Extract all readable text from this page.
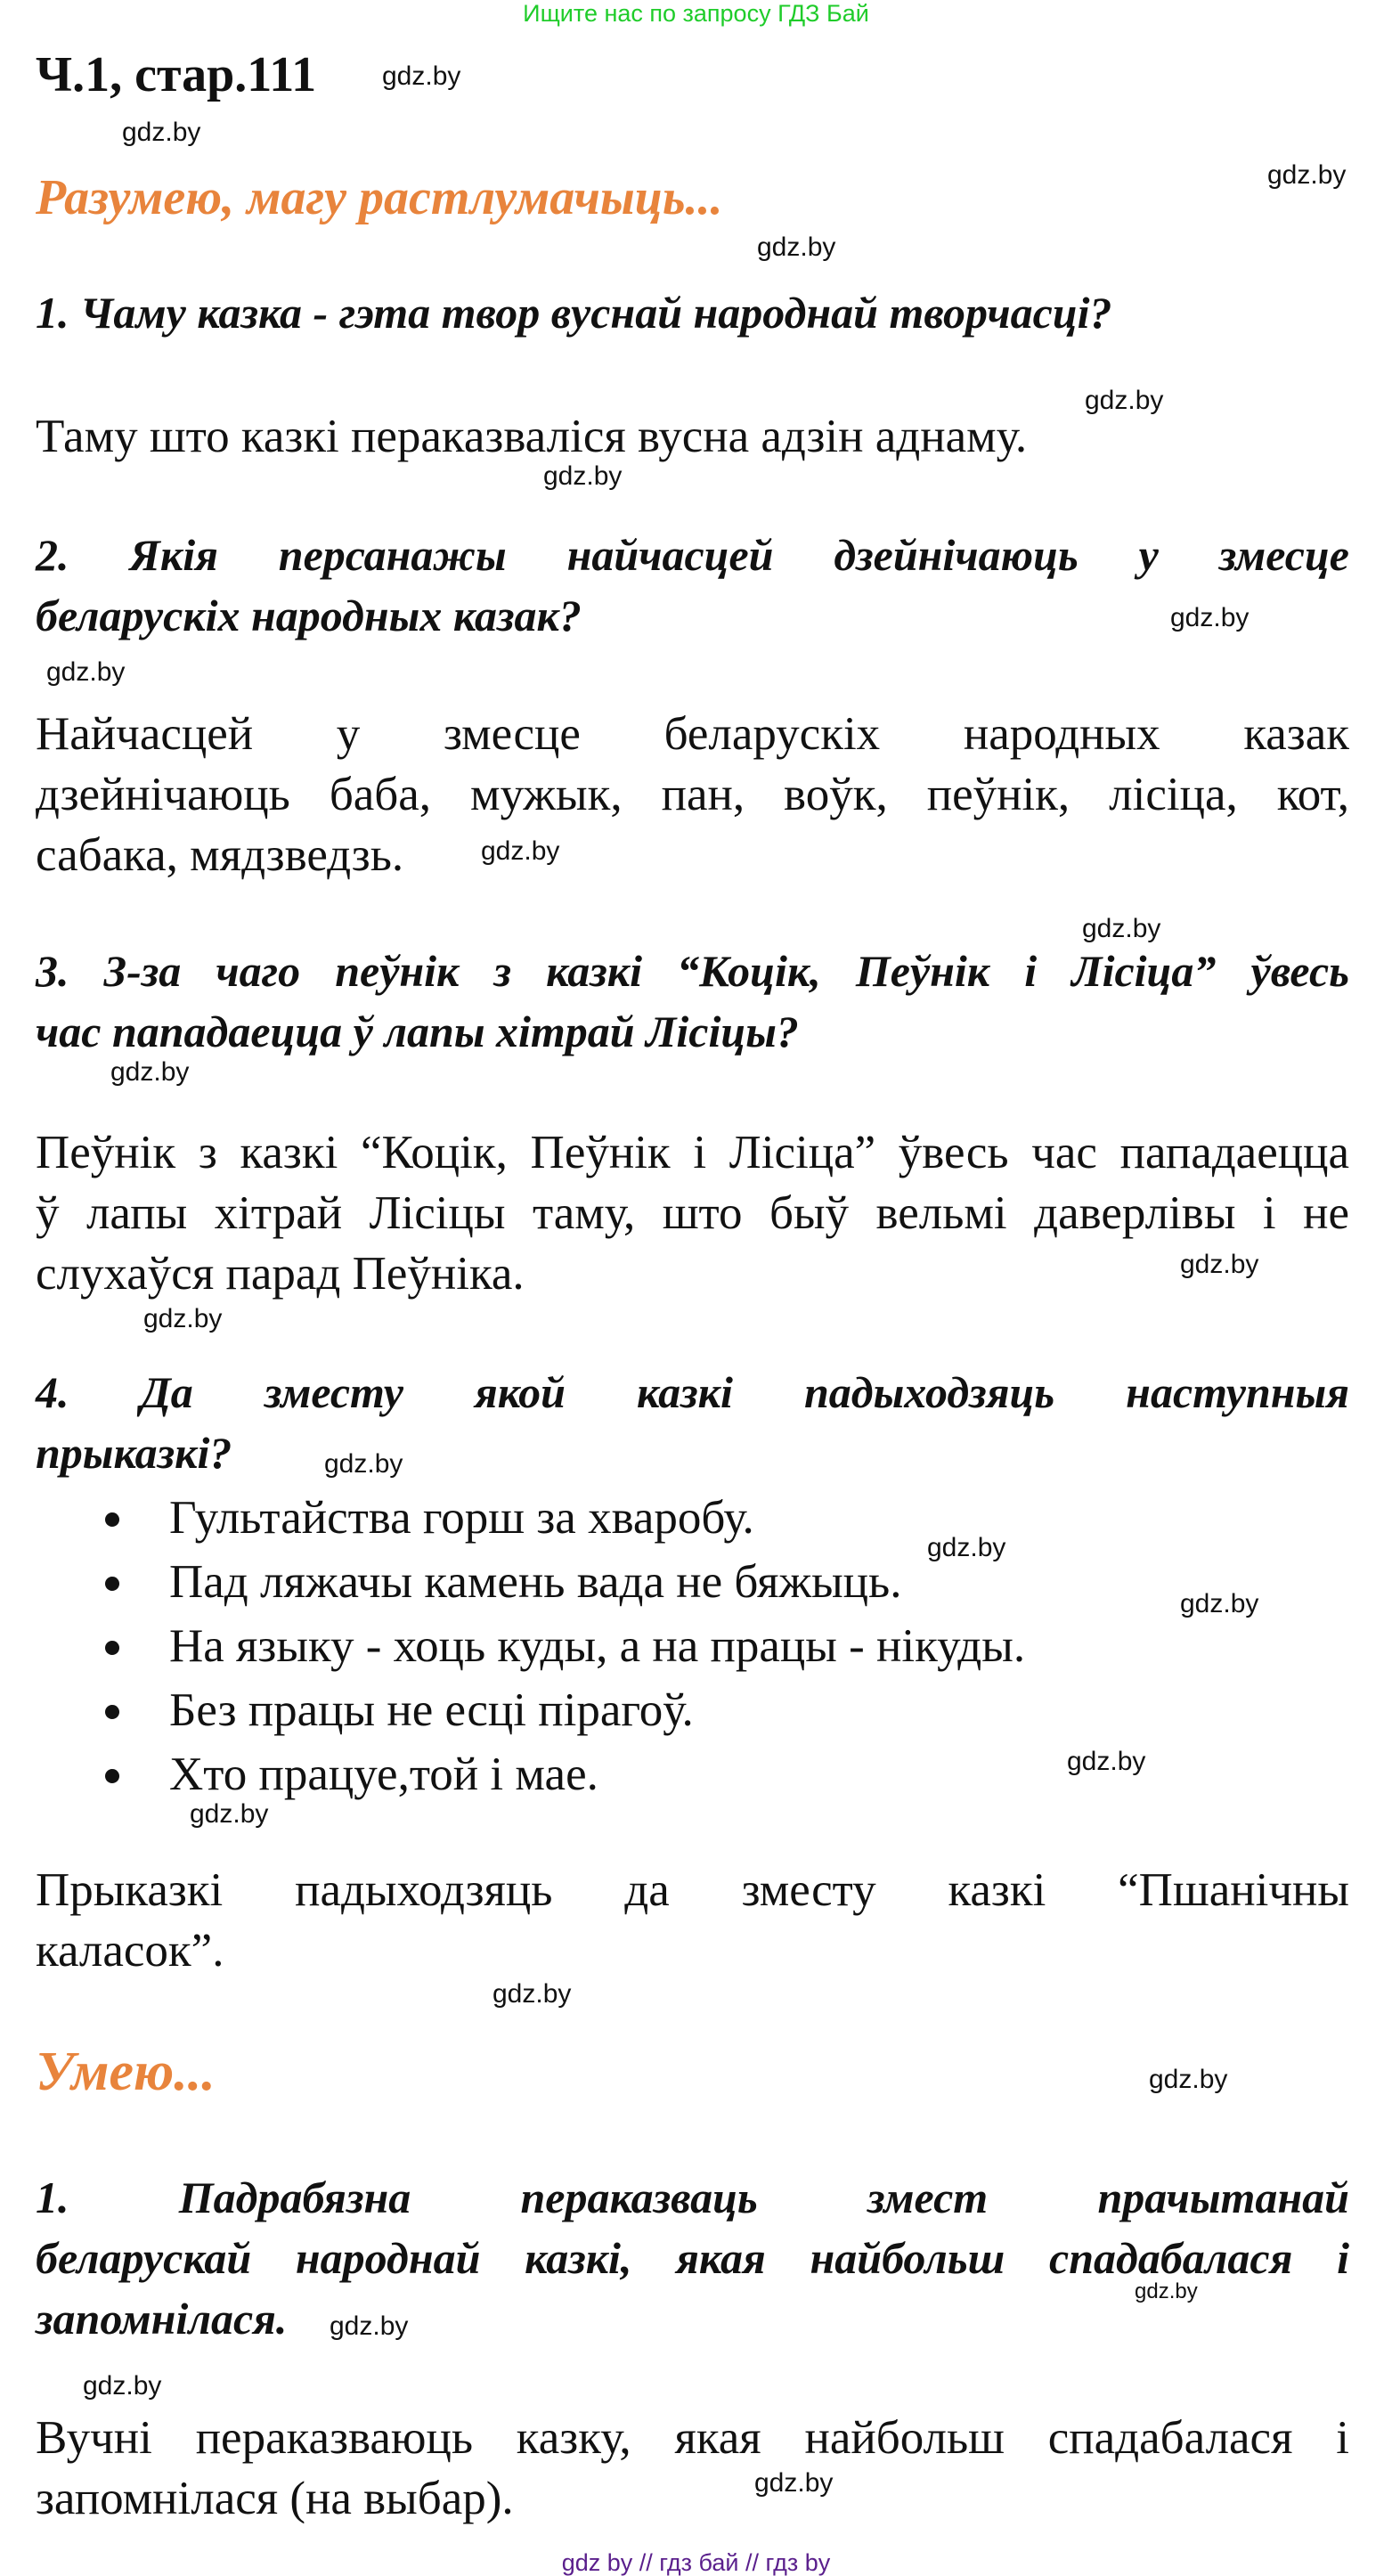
Ищите нас по запросу ГДЗ Бай
Ч.1, стар.111
Разумею, магу растлумачыць...
1. Чаму казка - гэта твор вуснай народнай творчасці?
Таму што казкі пераказваліся вусна адзін аднаму.
2. Якія персанажы найчасцей дзейнічаюць у змесце
беларускіх народных казак?
Найчасцей у змесце беларускіх народных казак
дзейнічаюць баба, мужык, пан, воўк, пеўнік, лісіца, кот,
сабака, мядзведзь.
3. З-за чаго пеўнік з казкі “Коцік, Пеўнік і Лісіца” ўвесь
час пападаецца ў лапы хітрай Лісіцы?
Пеўнік з казкі “Коцік, Пеўнік і Лісіца” ўвесь час пападаецца
ў лапы хітрай Лісіцы таму, што быў вельмі даверлівы і не
слухаўся парад Пеўніка.
4. Да зместу якой казкі падыходзяць наступныя
прыказкі?
Гультайства горш за хваробу.
Пад ляжачы камень вада не бяжыць.
На языку - хоць куды, а на працы - нікуды.
Без працы не есці пірагоў.
Хто працуе,той і мае.
Прыказкі падыходзяць да зместу казкі “Пшанічны
каласок”.
Умею...
1. Падрабязна пераказваць змест прачытанай
беларускай народнай казкі, якая найбольш спадабалася і
запомнілася.
Вучні пераказваюць казку, якая найбольш спадабалася і
запомнілася (на выбар).
gdz.by
gdz.by
gdz.by
gdz.by
gdz.by
gdz.by
gdz.by
gdz.by
gdz.by
gdz.by
gdz.by
gdz.by
gdz.by
gdz.by
gdz.by
gdz.by
gdz.by
gdz.by
gdz.by
gdz.by
gdz.by
gdz.by
gdz.by
gdz.by
gdz by // гдз бай // гдз by
